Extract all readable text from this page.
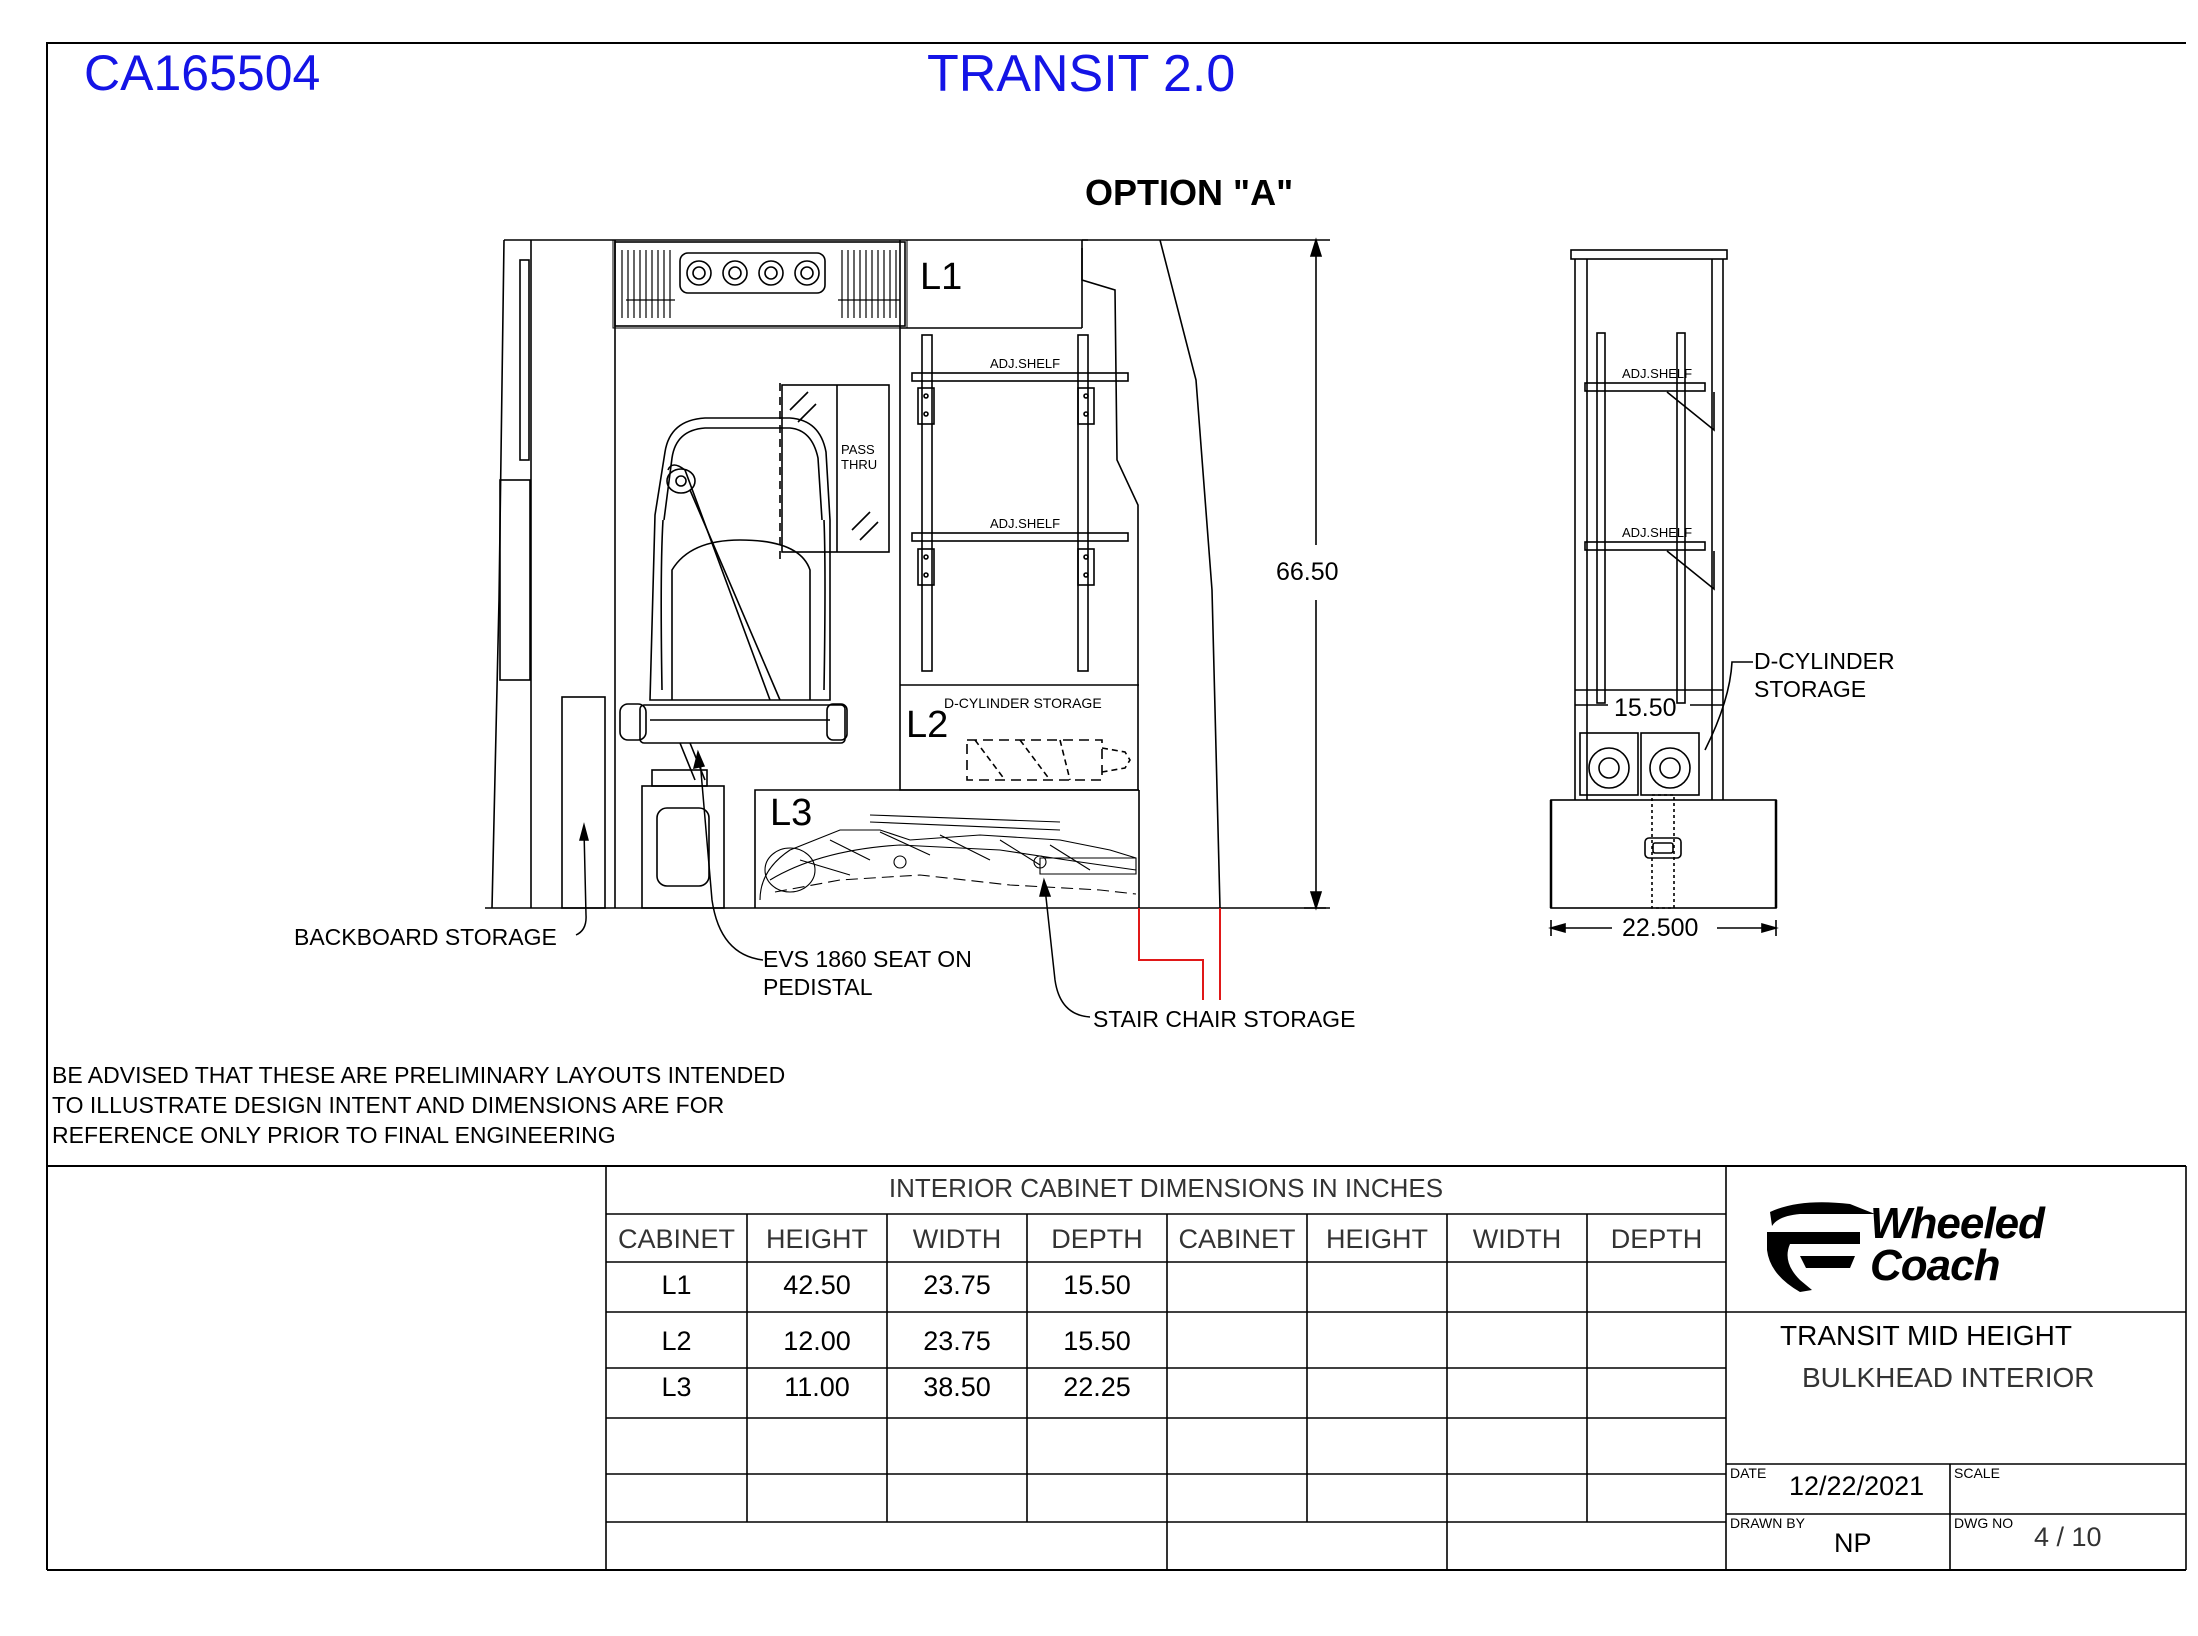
CA165504	TRANSIT 2.0
OPTION "A"
L1
L2
L3
ADJ.SHELF
ADJ.SHELF
PASS
THRU
D-CYLINDER STORAGE
66.50
BACKBOARD STORAGE
EVS 1860 SEAT ON
PEDISTAL
STAIR CHAIR STORAGE
ADJ.SHELF
ADJ.SHELF
D-CYLINDER
STORAGE
15.50
22.500
BE ADVISED THAT THESE ARE PRELIMINARY LAYOUTS INTENDED
TO ILLUSTRATE DESIGN INTENT AND DIMENSIONS ARE FOR
REFERENCE ONLY PRIOR TO FINAL ENGINEERING
INTERIOR CABINET DIMENSIONS IN INCHES
CABINET	HEIGHT	WIDTH	DEPTH	CABINET	HEIGHT	WIDTH	DEPTH
L1	42.50	23.75	15.50
L2	12.00	23.75	15.50
L3	11.00	38.50	22.25
Wheeled
Coach
TRANSIT MID HEIGHT
BULKHEAD INTERIOR
DATE 12/22/2021 SCALE
DRAWN BY
NP
DWG NO 4 / 10
